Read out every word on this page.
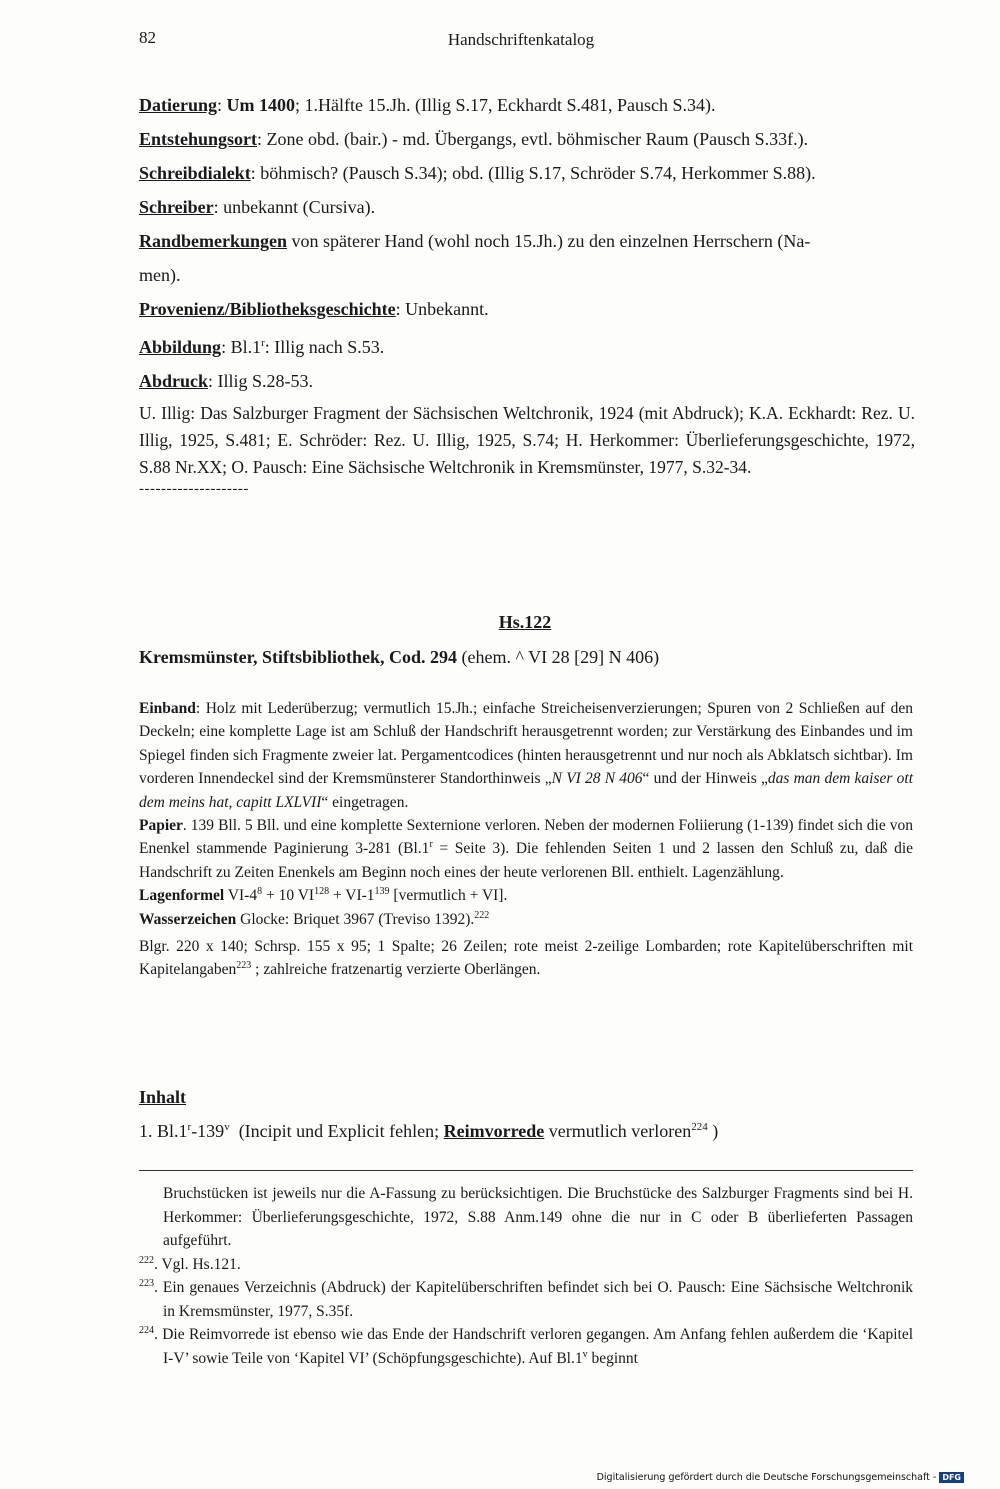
82	Handschriftenkatalog

Datierung: Um 1400; 1.Hälfte 15.Jh. (Illig S.17, Eckhardt S.481, Pausch S.34).

Entstehungsort: Zone obd. (bair.) - md. Übergangs, evtl. böhmischer Raum (Pausch S.33f.).

Schreibdialekt: böhmisch? (Pausch S.34); obd. (Illig S.17, Schröder S.74, Herkommer S.88).

Schreiber: unbekannt (Cursiva).

Randbemerkungen von späterer Hand (wohl noch 15.Jh.) zu den einzelnen Herrschern (Na-

men).

Provenienz/Bibliotheksgeschichte: Unbekannt.

Abbildung: Bl.1$^r$: Illig nach S.53.

Abdruck: Illig S.28-53.

U. Illig: Das Salzburger Fragment der Sächsischen Weltchronik, 1924 (mit Abdruck); K.A. Eckhardt: Rez. U. Illig, 1925, S.481; E. Schröder: Rez. U. Illig, 1925, S.74; H. Herkommer: Überlieferungsgeschichte, 1972, S.88 Nr.XX; O. Pausch: Eine Sächsische Weltchronik in Kremsmünster, 1977, S.32-34.

--------------------
Hs.122
Kremsmünster, Stiftsbibliothek, Cod. 294 (ehem. ^ VI 28 [29] N 406)

Einband: Holz mit Lederüberzug; vermutlich 15.Jh.; einfache Streicheisenverzierungen; Spuren von 2 Schließen auf den Deckeln; eine komplette Lage ist am Schluß der Handschrift herausgetrennt worden; zur Verstärkung des Einbandes und im Spiegel finden sich Fragmente zweier lat. Pergamentcodices (hinten herausgetrennt und nur noch als Abklatsch sichtbar). Im vorderen Innendeckel sind der Kremsmünsterer Standorthinweis „N VI 28 N 406“ und der Hinweis „das man dem kaiser ott dem meins hat, capitt LXLVII“ eingetragen.

Papier. 139 Bll. 5 Bll. und eine komplette Sexternione verloren. Neben der modernen Foliierung (1-139) findet sich die von Enenkel stammende Paginierung 3-281 ($Bl.1^r$ = Seite 3). Die fehlenden Seiten 1 und 2 lassen den Schluß zu, daß die Handschrift zu Zeiten Enenkels am Beginn noch eines der heute verlorenen Bll. enthielt. Lagenzählung.

Lagenformel $VI-4^8 + 10$ $VI^{128} + VI-1^{139}$ [vermutlich + VI].

Wasserzeichen Glocke: Briquet 3967 (Treviso 1392).$^{222}$

Blgr. 220 x 140; Schrsp. 155 x 95; 1 Spalte; 26 Zeilen; rote meist 2-zeilige Lombarden; rote Kapitelüberschriften mit Kapitelangaben$^{223}$ ; zahlreiche fratzenartig verzierte Oberlängen.

Inhalt
1. Bl.1$^r$-139$^v$  (Incipit und Explicit fehlen; Reimvorrede vermutlich verloren$^{224}$ )

Bruchstücken ist jeweils nur die A-Fassung zu berücksichtigen. Die Bruchstücke des Salzburger Fragments sind bei H. Herkommer: Überlieferungsgeschichte, 1972, S.88 Anm.149 ohne die nur in C oder B überlieferten Passagen aufgeführt.

$^{222}$. Vgl. Hs.121.

$^{223}$. Ein genaues Verzeichnis (Abdruck) der Kapitelüberschriften befindet sich bei O. Pausch: Eine Sächsische Weltchronik in Kremsmünster, 1977, S.35f.

$^{224}$. Die Reimvorrede ist ebenso wie das Ende der Handschrift verloren gegangen. Am Anfang fehlen außerdem die ‘Kapitel I-V’ sowie Teile von ‘Kapitel VI’ (Schöpfungsgeschichte). Auf Bl.1$^v$ beginnt

Digitalisierung gefördert durch die Deutsche Forschungsgemeinschaft - DFG
